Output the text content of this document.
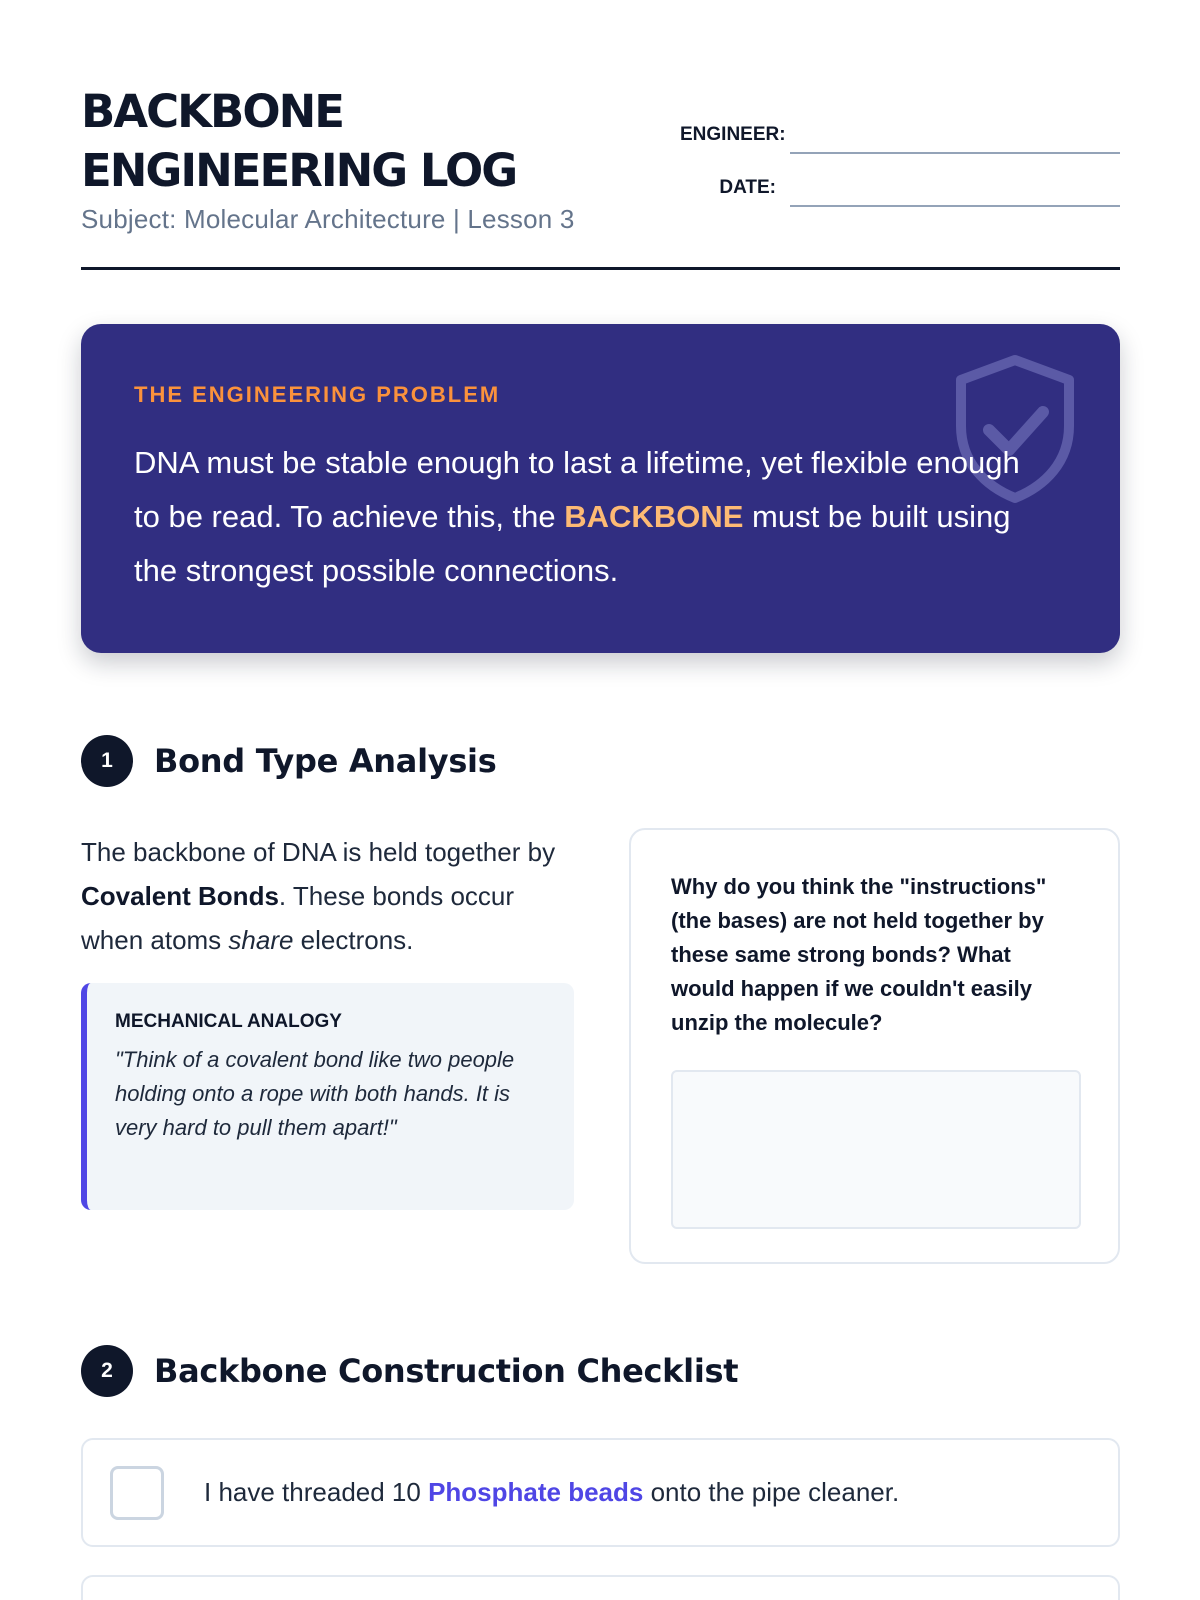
BACKBONE
ENGINEERING LOG
Subject: Molecular Architecture | Lesson 3
ENGINEER:
DATE:
THE ENGINEERING PROBLEM

DNA must be stable enough to last a lifetime, yet flexible enough to be read. To achieve this, the BACKBONE must be built using the strongest possible connections.

1	Bond Type Analysis

The backbone of DNA is held together by Covalent Bonds. These bonds occur when atoms share electrons.

MECHANICAL ANALOGY
"Think of a covalent bond like two people holding onto a rope with both hands. It is very hard to pull them apart!"
Why do you think the "instructions" (the bases) are not held together by these same strong bonds? What would happen if we couldn't easily unzip the molecule?
2	Backbone Construction Checklist

I have threaded 10 Phosphate beads onto the pipe cleaner.
